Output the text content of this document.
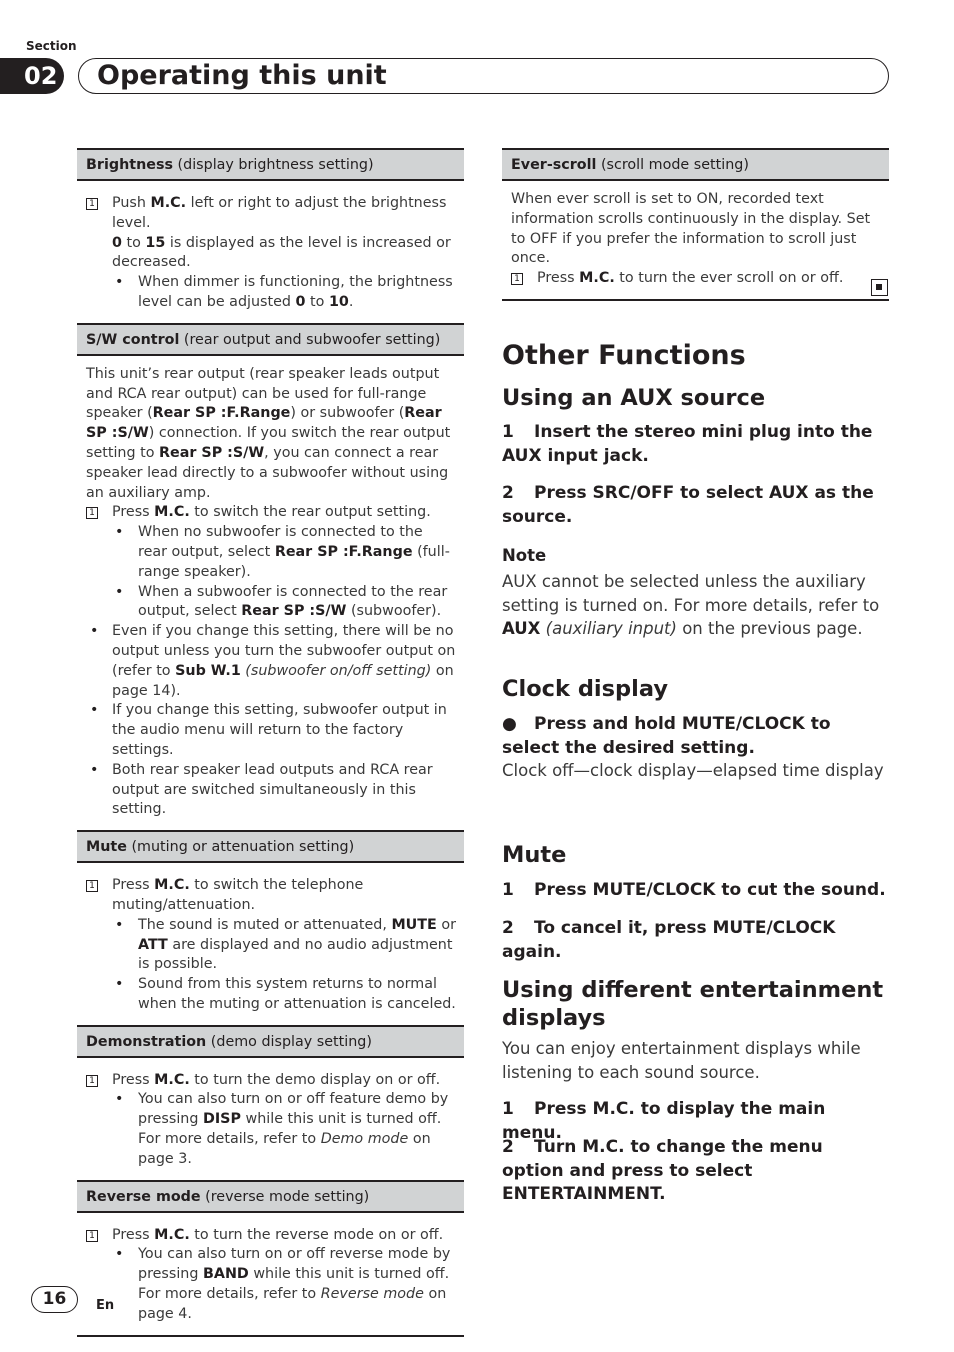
Section
02	Operating this unit
Brightness (display brightness setting)
1 Push M.C. left or right to adjust the brightness level.
0 to 15 is displayed as the level is increased or decreased.
• When dimmer is functioning, the brightness level can be adjusted 0 to 10.
S/W control (rear output and subwoofer setting)
This unit’s rear output (rear speaker leads output and RCA rear output) can be used for full-range speaker (Rear SP :F.Range) or subwoofer (Rear SP :S/W) connection. If you switch the rear output setting to Rear SP :S/W, you can connect a rear speaker lead directly to a subwoofer without using an auxiliary amp.
1 Press M.C. to switch the rear output setting.
• When no subwoofer is connected to the rear output, select Rear SP :F.Range (full-range speaker).
• When a subwoofer is connected to the rear output, select Rear SP :S/W (subwoofer).
• Even if you change this setting, there will be no output unless you turn the subwoofer output on (refer to Sub W.1 (subwoofer on/off setting) on page 14).
• If you change this setting, subwoofer output in the audio menu will return to the factory settings.
• Both rear speaker lead outputs and RCA rear output are switched simultaneously in this setting.
Mute (muting or attenuation setting)
1 Press M.C. to switch the telephone muting/attenuation.
• The sound is muted or attenuated, MUTE or ATT are displayed and no audio adjustment is possible.
• Sound from this system returns to normal when the muting or attenuation is canceled.
Demonstration (demo display setting)
1 Press M.C. to turn the demo display on or off.
• You can also turn on or off feature demo by pressing DISP while this unit is turned off. For more details, refer to Demo mode on page 3.
Reverse mode (reverse mode setting)
1 Press M.C. to turn the reverse mode on or off.
• You can also turn on or off reverse mode by pressing BAND while this unit is turned off. For more details, refer to Reverse mode on page 4.
Ever-scroll (scroll mode setting)
When ever scroll is set to ON, recorded text information scrolls continuously in the display. Set to OFF if you prefer the information to scroll just once.
1 Press M.C. to turn the ever scroll on or off.
Other Functions
Using an AUX source
1 Insert the stereo mini plug into the AUX input jack.
2 Press SRC/OFF to select AUX as the source.
Note
AUX cannot be selected unless the auxiliary setting is turned on. For more details, refer to AUX (auxiliary input) on the previous page.
Clock display
● Press and hold MUTE/CLOCK to select the desired setting.
Clock off—clock display—elapsed time display
Mute
1 Press MUTE/CLOCK to cut the sound.
2 To cancel it, press MUTE/CLOCK again.
Using different entertainment displays
You can enjoy entertainment displays while listening to each sound source.
1 Press M.C. to display the main menu.
2 Turn M.C. to change the menu option and press to select ENTERTAINMENT.
16	En
